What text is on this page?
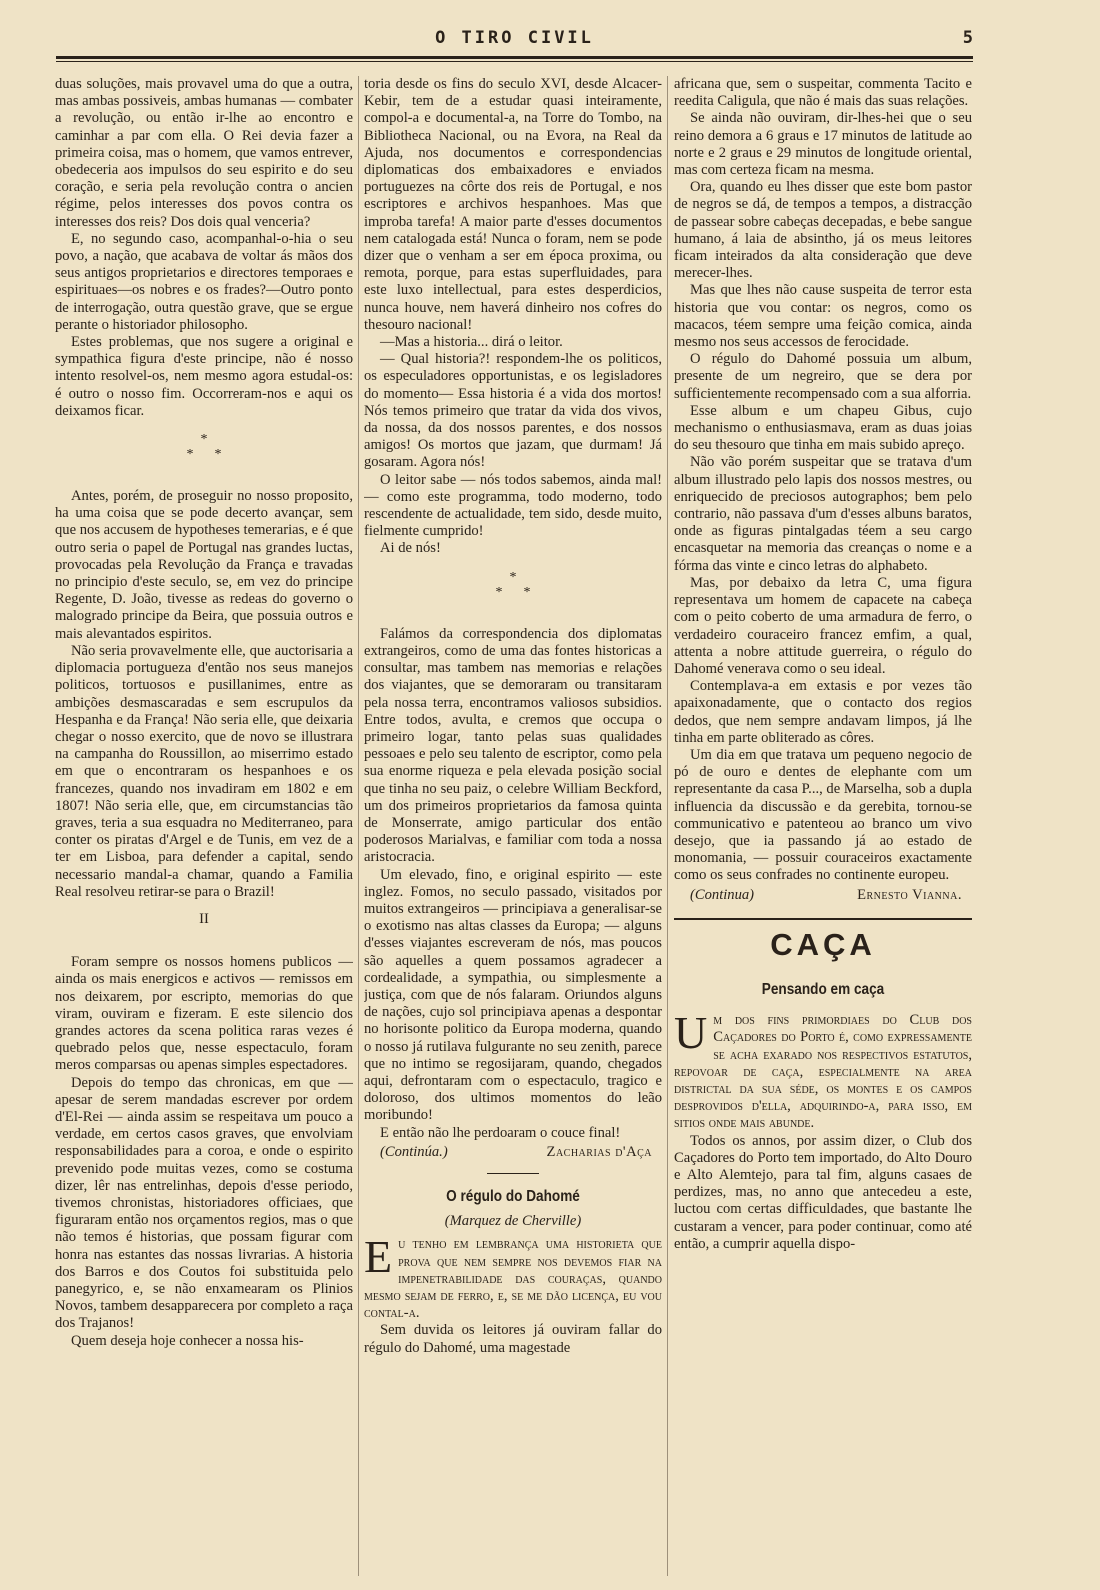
O TIRO CIVIL	5

duas soluções, mais provavel uma do que a outra, mas ambas possiveis, ambas humanas — combater a revolução, ou então ir-lhe ao encontro e caminhar a par com ella. O Rei devia fazer a primeira coisa, mas o homem, que vamos entrever, obedeceria aos impulsos do seu espirito e do seu coração, e seria pela revolução contra o ancien régime, pelos interesses dos povos contra os interesses dos reis? Dos dois qual venceria?

E, no segundo caso, acompanhal-o-hia o seu povo, a nação, que acabava de voltar ás mãos dos seus antigos proprietarios e directores temporaes e espirituaes—os nobres e os frades?—Outro ponto de interrogação, outra questão grave, que se ergue perante o historiador philosopho.

Estes problemas, que nos sugere a original e sympathica figura d'este principe, não é nosso intento resolvel-os, nem mesmo agora estudal-os: é outro o nosso fim. Occorreram-nos e aqui os deixamos ficar.

*
*      *

Antes, porém, de proseguir no nosso proposito, ha uma coisa que se pode decerto avançar, sem que nos accusem de hypotheses temerarias, e é que outro seria o papel de Portugal nas grandes luctas, provocadas pela Revolução da França e travadas no principio d'este seculo, se, em vez do principe Regente, D. João, tivesse as redeas do governo o malogrado principe da Beira, que possuia outros e mais alevantados espiritos.

Não seria provavelmente elle, que auctorisaria a diplomacia portugueza d'então nos seus manejos politicos, tortuosos e pusillanimes, entre as ambições desmascaradas e sem escrupulos da Hespanha e da França! Não seria elle, que deixaria chegar o nosso exercito, que de novo se illustrara na campanha do Roussillon, ao miserrimo estado em que o encontraram os hespanhoes e os francezes, quando nos invadiram em 1802 e em 1807! Não seria elle, que, em circumstancias tão graves, teria a sua esquadra no Mediterraneo, para conter os piratas d'Argel e de Tunis, em vez de a ter em Lisboa, para defender a capital, sendo necessario mandal-a chamar, quando a Familia Real resolveu retirar-se para o Brazil!

II

Foram sempre os nossos homens publicos — ainda os mais energicos e activos — remissos em nos deixarem, por escripto, memorias do que viram, ouviram e fizeram. E este silencio dos grandes actores da scena politica raras vezes é quebrado pelos que, nesse espectaculo, foram meros comparsas ou apenas simples espectadores.

Depois do tempo das chronicas, em que — apesar de serem mandadas escrever por ordem d'El-Rei — ainda assim se respeitava um pouco a verdade, em certos casos graves, que envolviam responsabilidades para a coroa, e onde o espirito prevenido pode muitas vezes, como se costuma dizer, lêr nas entrelinhas, depois d'esse periodo, tivemos chronistas, historiadores officiaes, que figuraram então nos orçamentos regios, mas o que não temos é historias, que possam figurar com honra nas estantes das nossas livrarias. A historia dos Barros e dos Coutos foi substituida pelo panegyrico, e, se não enxamearam os Plinios Novos, tambem desapparecera por completo a raça dos Trajanos!

Quem deseja hoje conhecer a nossa his-

toria desde os fins do seculo XVI, desde Alcacer-Kebir, tem de a estudar quasi inteiramente, compol-a e documental-a, na Torre do Tombo, na Bibliotheca Nacional, ou na Evora, na Real da Ajuda, nos documentos e correspondencias diplomaticas dos embaixadores e enviados portuguezes na côrte dos reis de Portugal, e nos escriptores e archivos hespanhoes. Mas que improba tarefa! A maior parte d'esses documentos nem catalogada está! Nunca o foram, nem se pode dizer que o venham a ser em época proxima, ou remota, porque, para estas superfluidades, para este luxo intellectual, para estes desperdicios, nunca houve, nem haverá dinheiro nos cofres do thesouro nacional!

—Mas a historia... dirá o leitor.

— Qual historia?! respondem-lhe os politicos, os especuladores opportunistas, e os legisladores do momento— Essa historia é a vida dos mortos! Nós temos primeiro que tratar da vida dos vivos, da nossa, da dos nossos parentes, e dos nossos amigos! Os mortos que jazam, que durmam! Já gosaram. Agora nós!

O leitor sabe — nós todos sabemos, ainda mal! — como este programma, todo moderno, todo rescendente de actualidade, tem sido, desde muito, fielmente cumprido!

Ai de nós!

*
*      *

Falámos da correspondencia dos diplomatas extrangeiros, como de uma das fontes historicas a consultar, mas tambem nas memorias e relações dos viajantes, que se demoraram ou transitaram pela nossa terra, encontramos valiosos subsidios. Entre todos, avulta, e cremos que occupa o primeiro logar, tanto pelas suas qualidades pessoaes e pelo seu talento de escriptor, como pela sua enorme riqueza e pela elevada posição social que tinha no seu paiz, o celebre William Beckford, um dos primeiros proprietarios da famosa quinta de Monserrate, amigo particular dos então poderosos Marialvas, e familiar com toda a nossa aristocracia.

Um elevado, fino, e original espirito — este inglez. Fomos, no seculo passado, visitados por muitos extrangeiros — principiava a generalisar-se o exotismo nas altas classes da Europa; — alguns d'esses viajantes escreveram de nós, mas poucos são aquelles a quem possamos agradecer a cordealidade, a sympathia, ou simplesmente a justiça, com que de nós falaram. Oriundos alguns de nações, cujo sol principiava apenas a despontar no horisonte politico da Europa moderna, quando o nosso já rutilava fulgurante no seu zenith, parece que no intimo se regosijaram, quando, chegados aqui, defrontaram com o espectaculo, tragico e doloroso, dos ultimos momentos do leão moribundo!

E então não lhe perdoaram o couce final!

(Continúa.)	Zacharias d'Aça
O régulo do Dahomé
(Marquez de Cherville)

Eu tenho em lembrança uma historieta que prova que nem sempre nos devemos fiar na impenetrabilidade das couraças, quando mesmo sejam de ferro, e, se me dão licença, eu vou contal-a.

Sem duvida os leitores já ouviram fallar do régulo do Dahomé, uma magestade

africana que, sem o suspeitar, commenta Tacito e reedita Caligula, que não é mais das suas relações.

Se ainda não ouviram, dir-lhes-hei que o seu reino demora a 6 graus e 17 minutos de latitude ao norte e 2 graus e 29 minutos de longitude oriental, mas com certeza ficam na mesma.

Ora, quando eu lhes disser que este bom pastor de negros se dá, de tempos a tempos, a distracção de passear sobre cabeças decepadas, e bebe sangue humano, á laia de absintho, já os meus leitores ficam inteirados da alta consideração que deve merecer-lhes.

Mas que lhes não cause suspeita de terror esta historia que vou contar: os negros, como os macacos, téem sempre uma feição comica, ainda mesmo nos seus accessos de ferocidade.

O régulo do Dahomé possuia um album, presente de um negreiro, que se dera por sufficientemente recompensado com a sua alforria.

Esse album e um chapeu Gibus, cujo mechanismo o enthusiasmava, eram as duas joias do seu thesouro que tinha em mais subido apreço.

Não vão porém suspeitar que se tratava d'um album illustrado pelo lapis dos nossos mestres, ou enriquecido de preciosos autographos; bem pelo contrario, não passava d'um d'esses albuns baratos, onde as figuras pintalgadas téem a seu cargo encasquetar na memoria das creanças o nome e a fórma das vinte e cinco letras do alphabeto.

Mas, por debaixo da letra C, uma figura representava um homem de capacete na cabeça com o peito coberto de uma armadura de ferro, o verdadeiro couraceiro francez emfim, a qual, attenta a nobre attitude guerreira, o régulo do Dahomé venerava como o seu ideal.

Contemplava-a em extasis e por vezes tão apaixonadamente, que o contacto dos regios dedos, que nem sempre andavam limpos, já lhe tinha em parte obliterado as côres.

Um dia em que tratava um pequeno negocio de pó de ouro e dentes de elephante com um representante da casa P..., de Marselha, sob a dupla influencia da discussão e da gerebita, tornou-se communicativo e patenteou ao branco um vivo desejo, que ia passando já ao estado de monomania, — possuir couraceiros exactamente como os seus confrades no continente europeu.

(Continua)	Ernesto Vianna.
CAÇA
Pensando em caça

Um dos fins primordiaes do Club dos Caçadores do Porto é, como expressamente se acha exarado nos respectivos estatutos, repovoar de caça, especialmente na area districtal da sua séde, os montes e os campos desprovidos d'ella, adquirindo-a, para isso, em sitios onde mais abunde.

Todos os annos, por assim dizer, o Club dos Caçadores do Porto tem importado, do Alto Douro e Alto Alemtejo, para tal fim, alguns casaes de perdizes, mas, no anno que antecedeu a este, luctou com certas difficuldades, que bastante lhe custaram a vencer, para poder continuar, como até então, a cumprir aquella dispo-
